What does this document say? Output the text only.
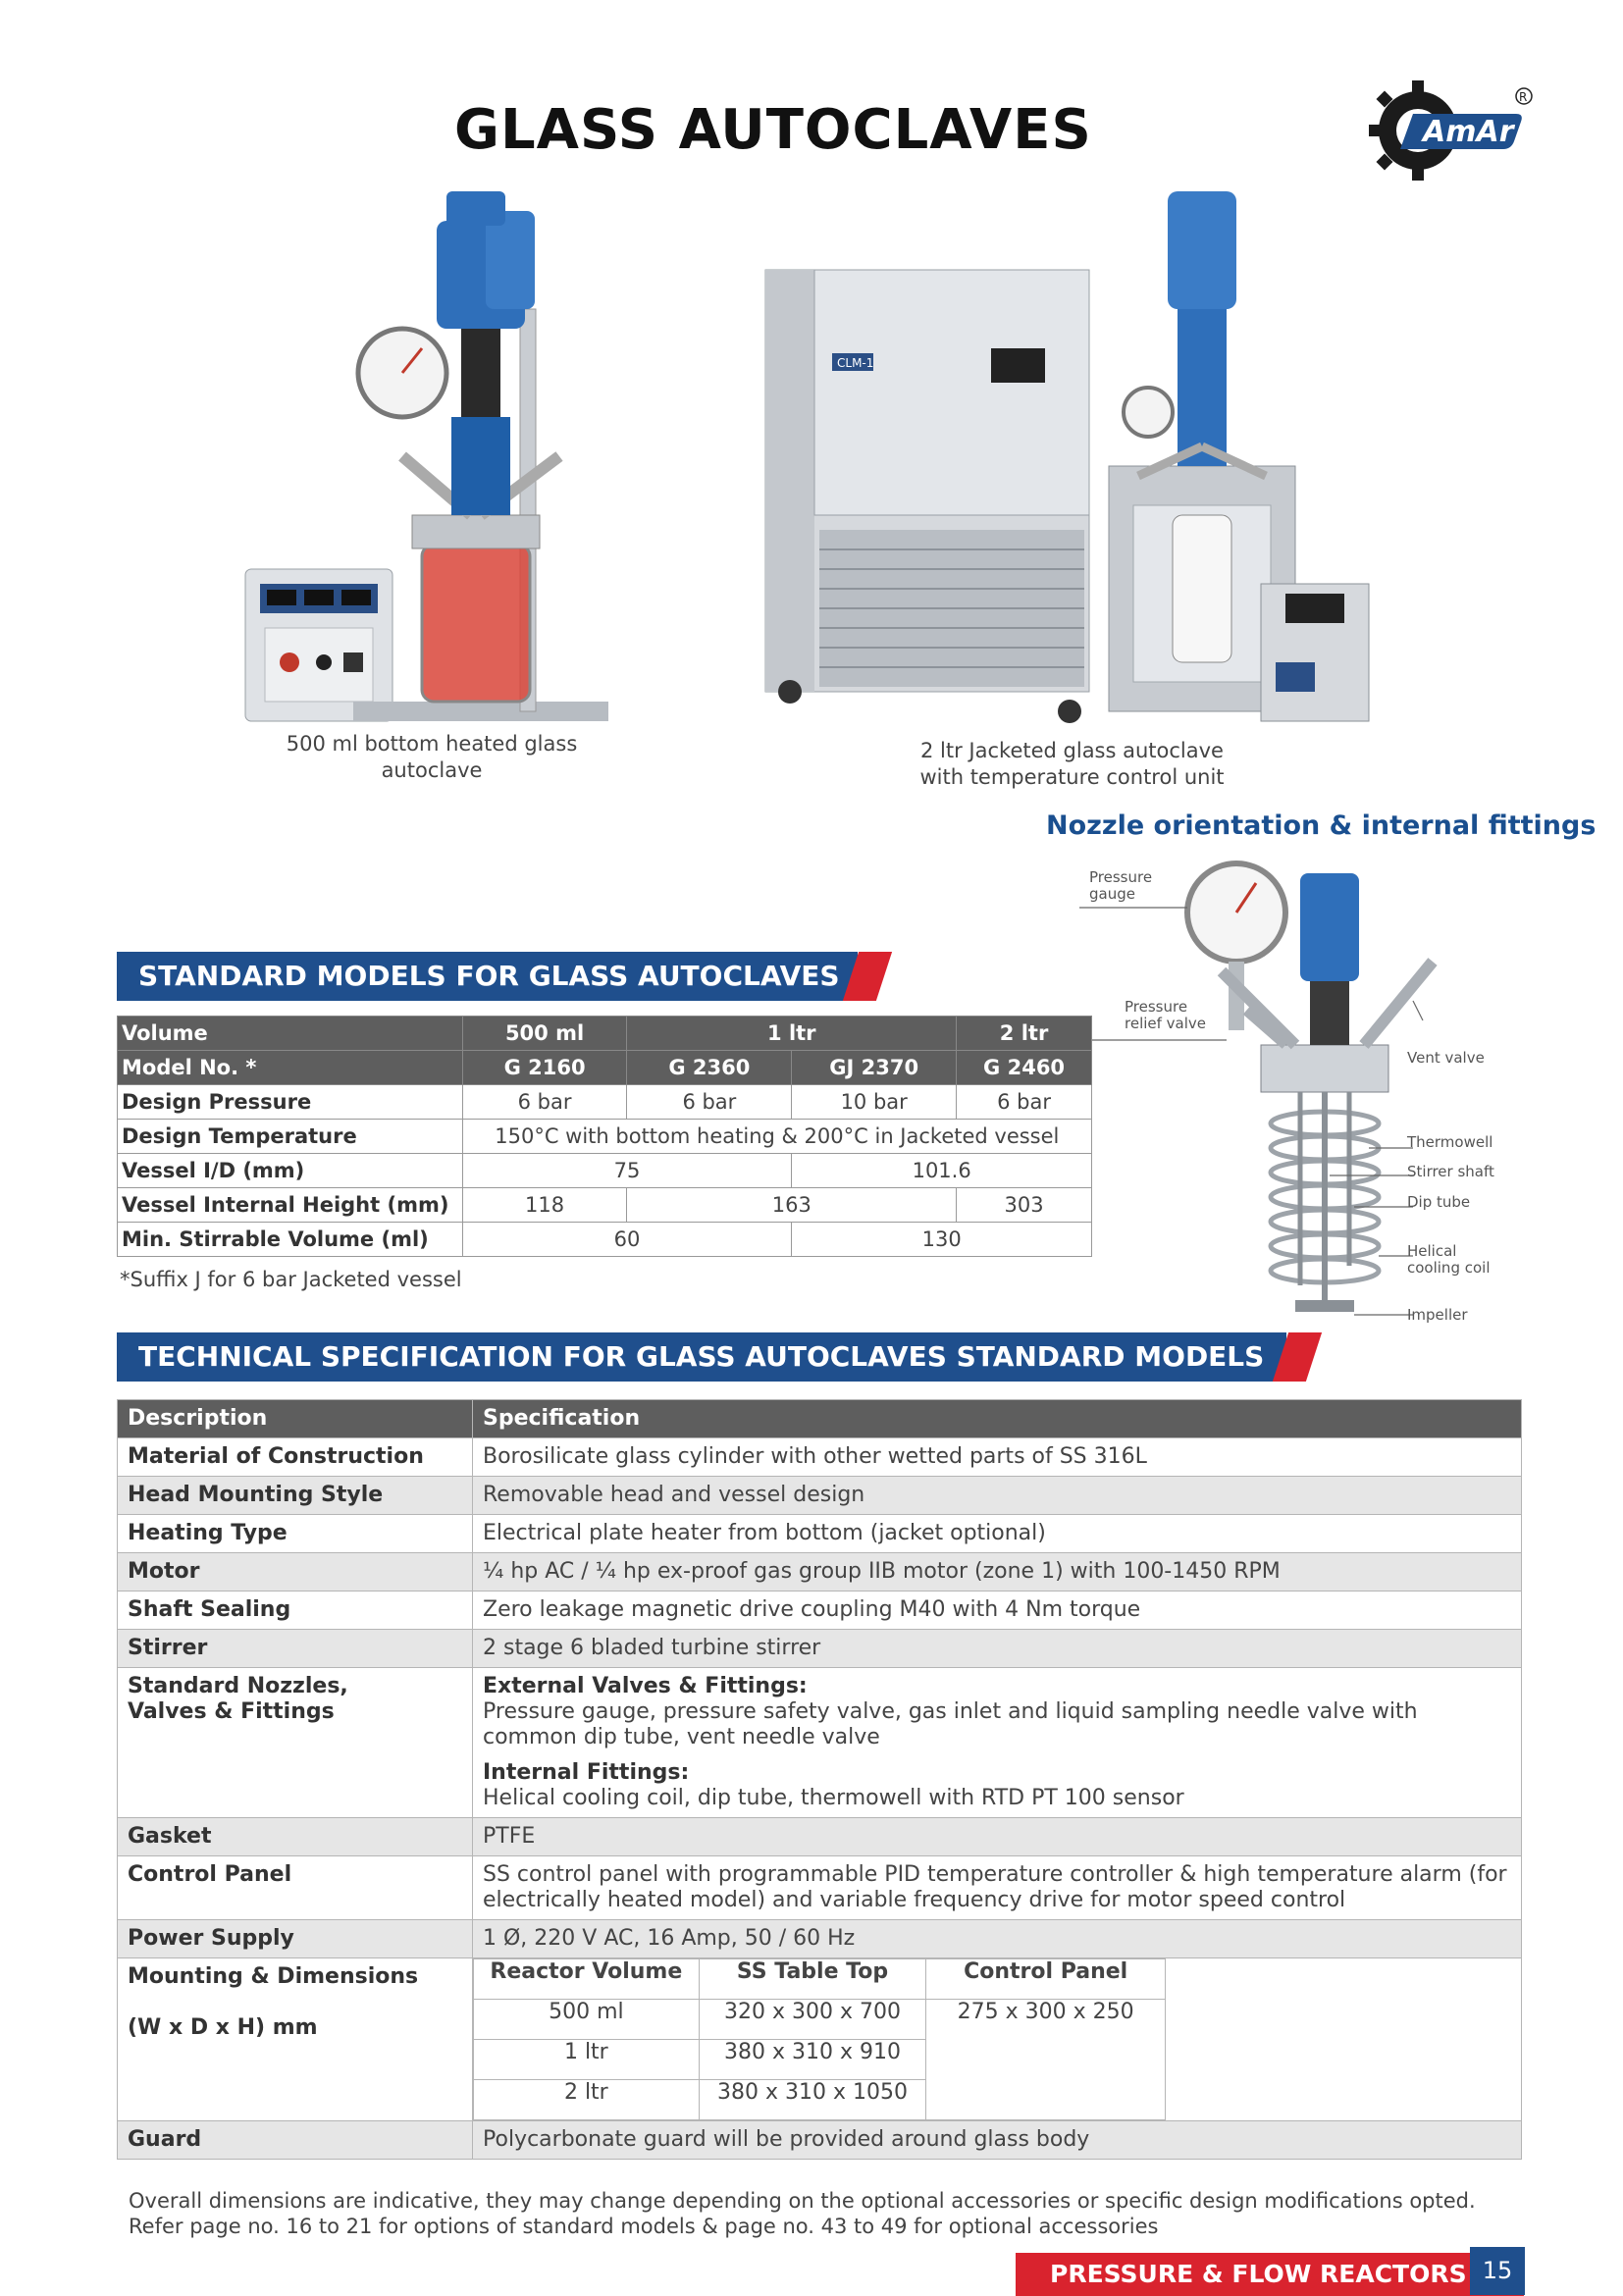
GLASS AUTOCLAVES	AmAr
R
500 ml bottom heated glass autoclave
CLM-1
2 ltr Jacketed glass autoclave with temperature control unit
Nozzle orientation & internal fittings
Pressure gauge
Pressure relief valve
Vent valve
Thermowell
Stirrer shaft
Dip tube
Helical cooling coil
Impeller
STANDARD MODELS FOR GLASS AUTOCLAVES
Volume	500 ml	1 ltr		2 ltr
Model No. *	G 2160	G 2360	GJ 2370	G 2460
Design Pressure	6 bar	6 bar	10 bar	6 bar
Design Temperature	150°C with bottom heating & 200°C in Jacketed vessel			
Vessel I/D (mm)	75		101.6	
Vessel Internal Height (mm)	118	163		303
Min. Stirrable Volume (ml)	60		130	
*Suffix J for 6 bar Jacketed vessel
TECHNICAL SPECIFICATION FOR GLASS AUTOCLAVES STANDARD MODELS
Description	Specification
Material of Construction	Borosilicate glass cylinder with other wetted parts of SS 316L
Head Mounting Style	Removable head and vessel design
Heating Type	Electrical plate heater from bottom (jacket optional)
Motor	¼ hp AC / ¼ hp ex-proof gas group IIB motor (zone 1) with 100-1450 RPM
Shaft Sealing	Zero leakage magnetic drive coupling M40 with 4 Nm torque
Stirrer	2 stage 6 bladed turbine stirrer
Standard Nozzles,
Valves & Fittings	
External Valves & Fittings:
Pressure gauge, pressure safety valve, gas inlet and liquid sampling needle valve with common dip tube, vent needle valve
Internal Fittings:
Helical cooling coil, dip tube, thermowell with RTD PT 100 sensor

Gasket	PTFE
Control Panel	SS control panel with programmable PID temperature controller & high temperature alarm (for electrically heated model) and variable frequency drive for motor speed control
Power Supply	1 Ø, 220 V AC, 16 Amp, 50 / 60 Hz
Mounting & Dimensions

(W x D x H) mm	
Reactor Volume	SS Table Top	Control Panel
500 ml	320 x 300 x 700	275 x 300 x 250
1 ltr	380 x 310 x 910
2 ltr	380 x 310 x 1050

Guard	Polycarbonate guard will be provided around glass body
Overall dimensions are indicative, they may change depending on the optional accessories or specific design modifications opted.
Refer page no. 16 to 21 for options of standard models & page no. 43 to 49 for optional accessories
PRESSURE & FLOW REACTORS 15
